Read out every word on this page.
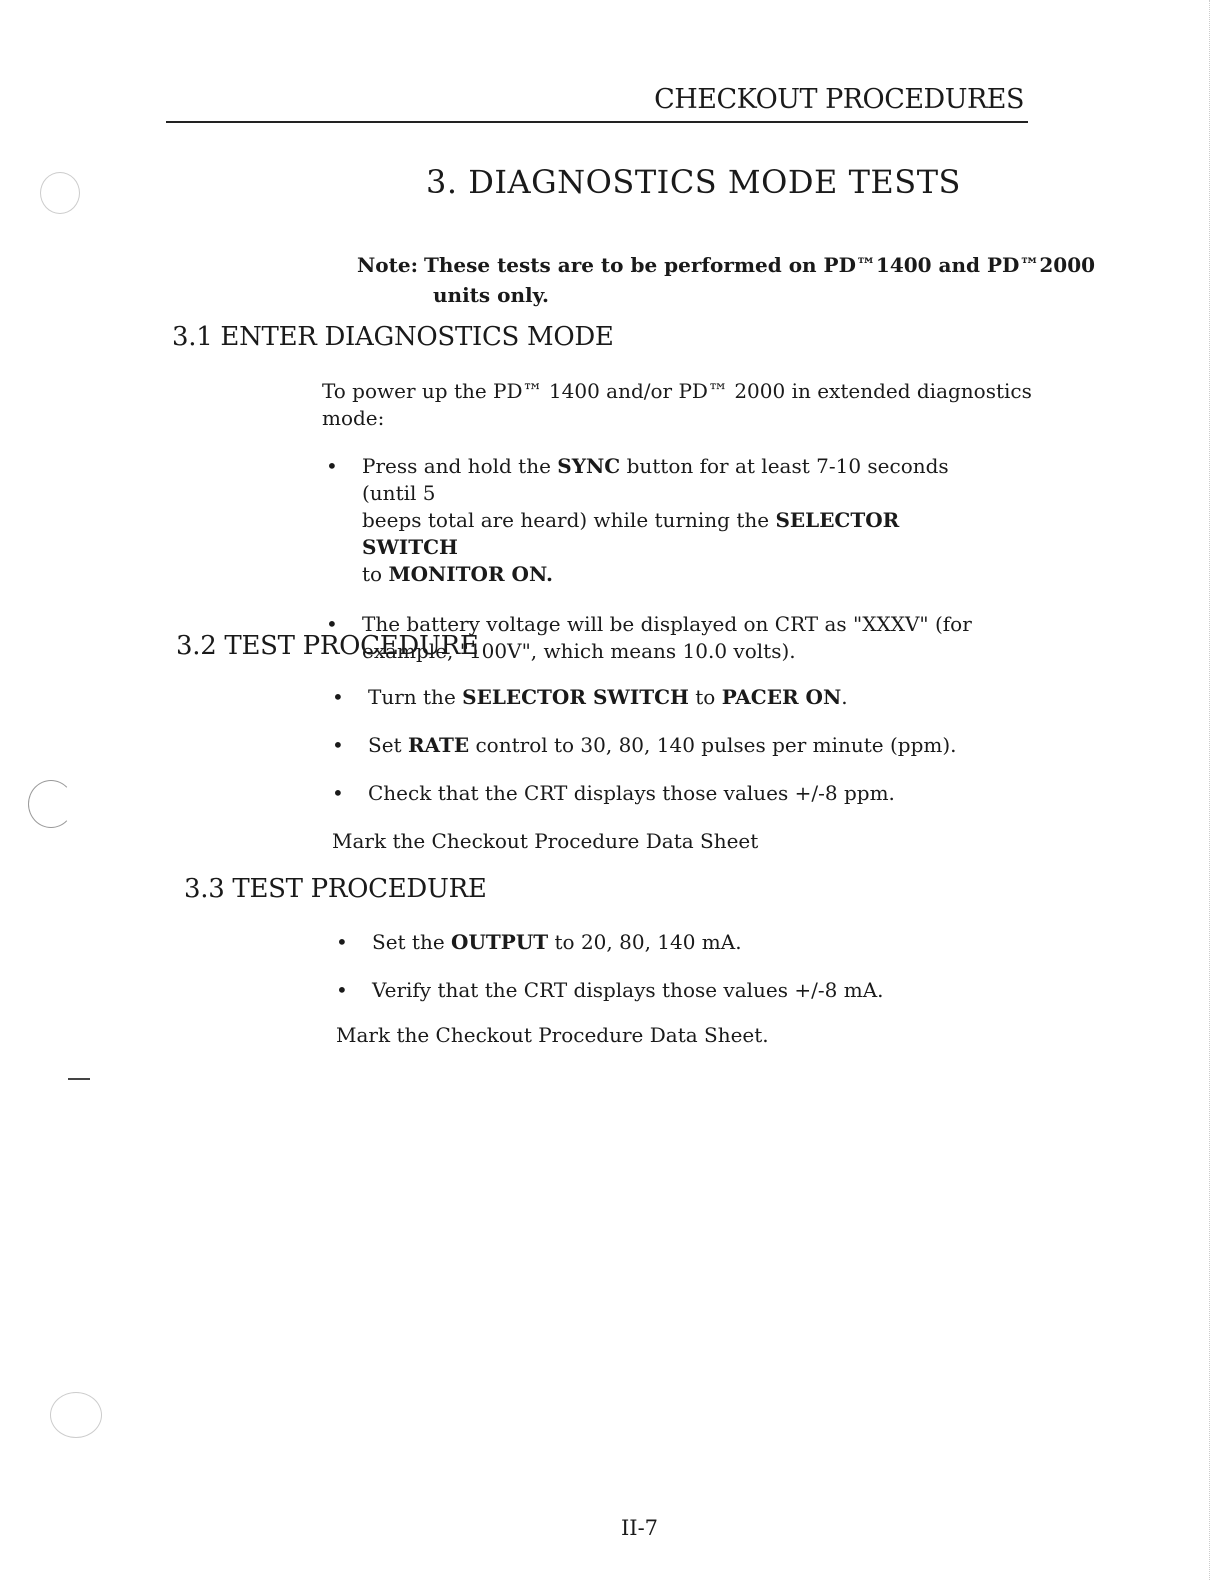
CHECKOUT PROCEDURES
3. DIAGNOSTICS MODE TESTS
Note: These tests are to be performed on PD™1400 and PD™2000
units only.
3.1 ENTER DIAGNOSTICS MODE
To power up the PD™ 1400 and/or PD™ 2000 in extended diagnostics
mode:
• Press and hold the SYNC button for at least 7-10 seconds (until 5
beeps total are heard) while turning the SELECTOR SWITCH
to MONITOR ON.
• The battery voltage will be displayed on CRT as "XXXV" (for
example, "100V", which means 10.0 volts).
3.2 TEST PROCEDURE
• Turn the SELECTOR SWITCH to PACER ON.
• Set RATE control to 30, 80, 140 pulses per minute (ppm).
• Check that the CRT displays those values +/-8 ppm.
Mark the Checkout Procedure Data Sheet
3.3 TEST PROCEDURE
• Set the OUTPUT to 20, 80, 140 mA.
• Verify that the CRT displays those values +/-8 mA.
Mark the Checkout Procedure Data Sheet.
II-7
